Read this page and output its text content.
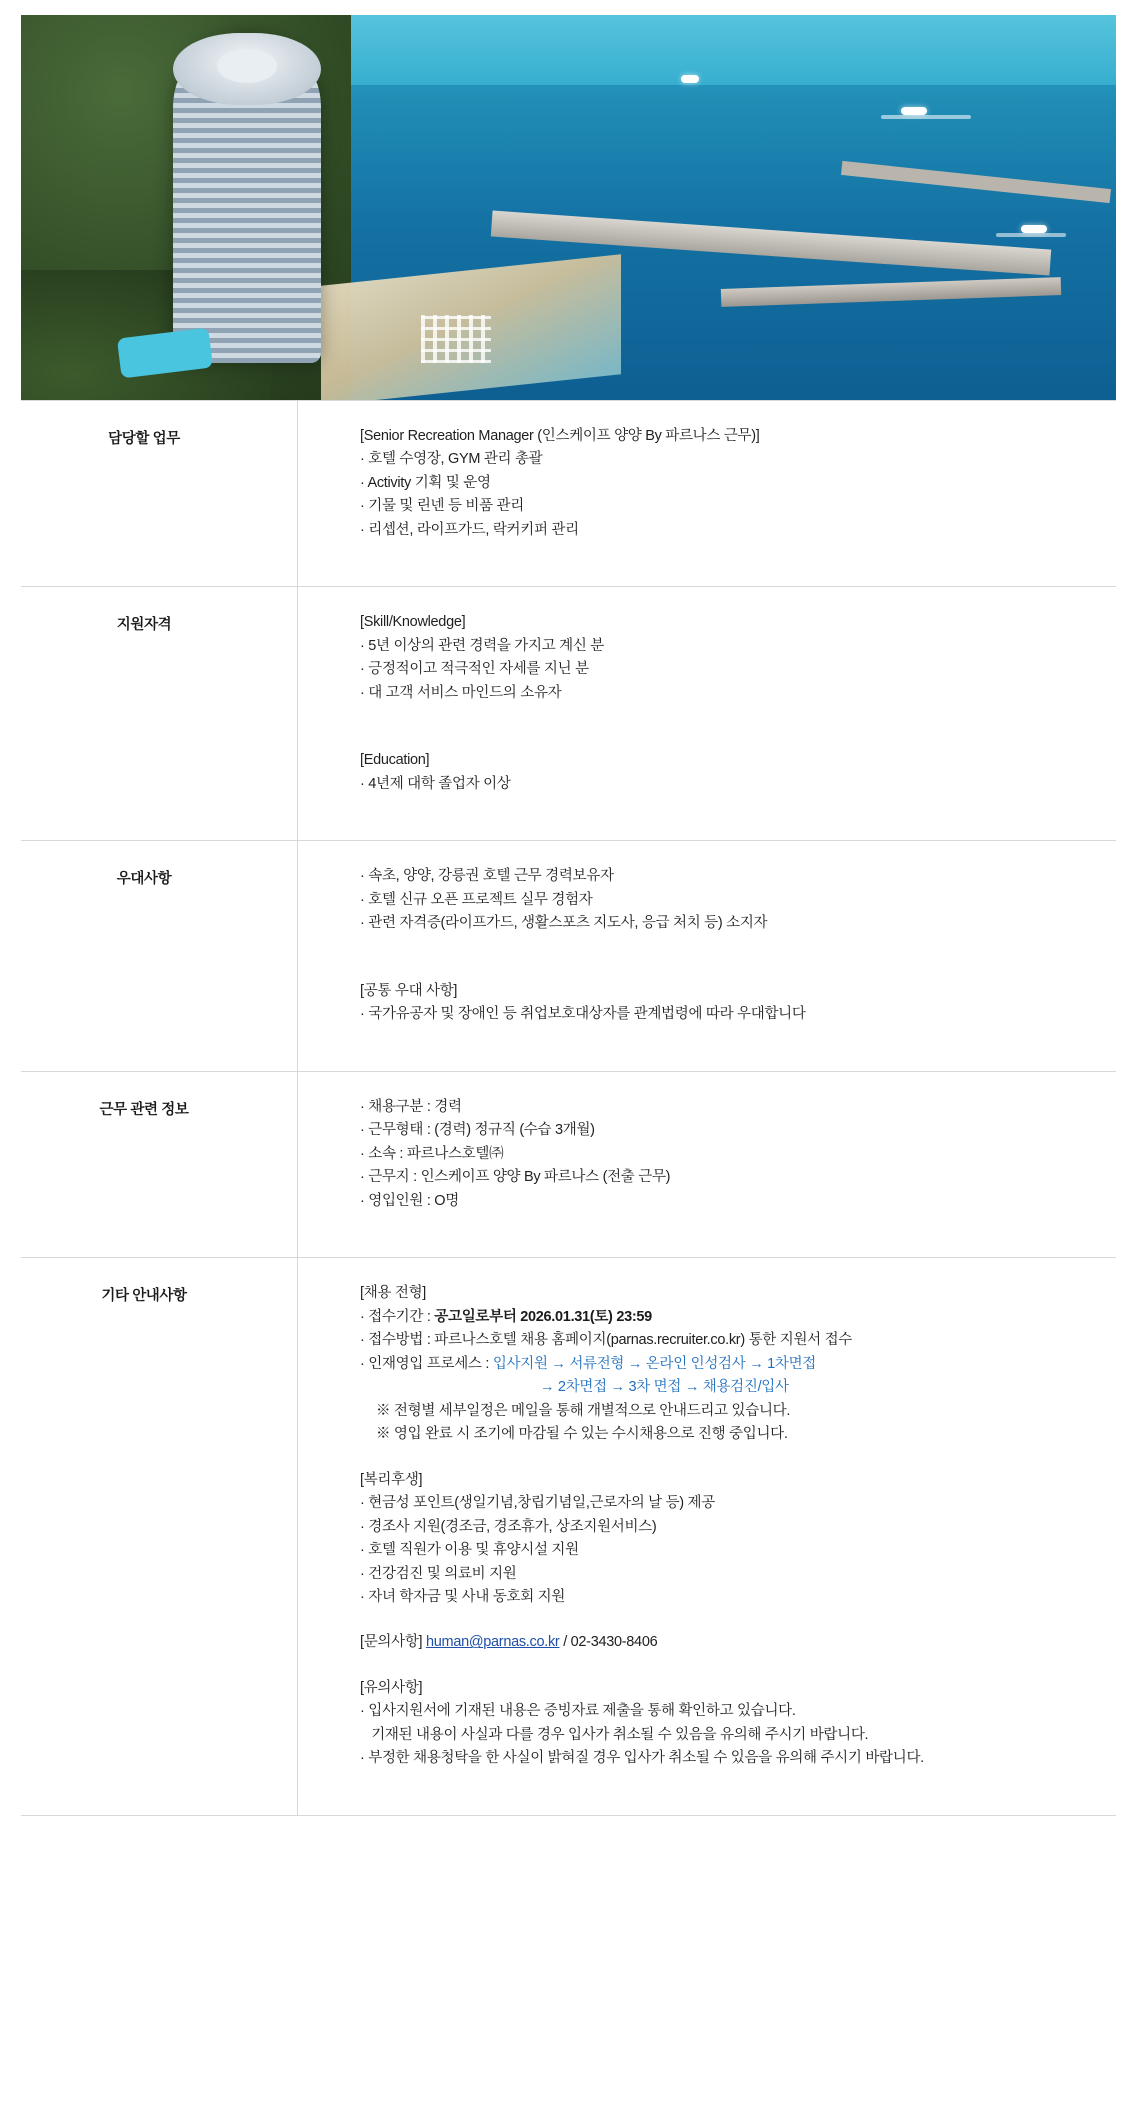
담당할 업무	[Senior Recreation Manager (인스케이프 양양 By 파르나스 근무)]
· 호텔 수영장, GYM 관리 총괄
· Activity 기획 및 운영
· 기물 및 린넨 등 비품 관리
· 리셉션, 라이프가드, 락커키퍼 관리
지원자격	[Skill/Knowledge]
· 5년 이상의 관련 경력을 가지고 계신 분
· 긍정적이고 적극적인 자세를 지닌 분
· 대 고객 서비스 마인드의 소유자
[Education]
· 4년제 대학 졸업자 이상
우대사항	· 속초, 양양, 강릉권 호텔 근무 경력보유자
· 호텔 신규 오픈 프로젝트 실무 경험자
· 관련 자격증(라이프가드, 생활스포츠 지도사, 응급 처치 등) 소지자
[공통 우대 사항]
· 국가유공자 및 장애인 등 취업보호대상자를 관계법령에 따라 우대합니다
근무 관련 정보	· 채용구분 : 경력
· 근무형태 : (경력) 정규직 (수습 3개월)
· 소속 : 파르나스호텔㈜
· 근무지 : 인스케이프 양양 By 파르나스 (전출 근무)
· 영입인원 : O명
기타 안내사항	[채용 전형]
· 접수기간 : 공고일로부터 2026.01.31(토) 23:59
· 접수방법 : 파르나스호텔 채용 홈페이지(parnas.recruiter.co.kr) 통한 지원서 접수
· 인재영입 프로세스 : 입사지원 → 서류전형 → 온라인 인성검사 → 1차면접
→ 2차면접 → 3차 면접 → 채용검진/입사
※ 전형별 세부일정은 메일을 통해 개별적으로 안내드리고 있습니다.
※ 영입 완료 시 조기에 마감될 수 있는 수시채용으로 진행 중입니다.
[복리후생]
· 현금성 포인트(생일기념,창립기념일,근로자의 날 등) 제공
· 경조사 지원(경조금, 경조휴가, 상조지원서비스)
· 호텔 직원가 이용 및 휴양시설 지원
· 건강검진 및 의료비 지원
· 자녀 학자금 및 사내 동호회 지원
[문의사항] human@parnas.co.kr / 02-3430-8406
[유의사항]
· 입사지원서에 기재된 내용은 증빙자료 제출을 통해 확인하고 있습니다.
기재된 내용이 사실과 다를 경우 입사가 취소될 수 있음을 유의해 주시기 바랍니다.
· 부정한 채용청탁을 한 사실이 밝혀질 경우 입사가 취소될 수 있음을 유의해 주시기 바랍니다.
